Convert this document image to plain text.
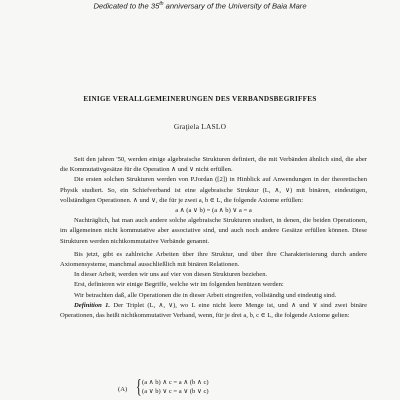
Dedicated to the 35th anniversary of the University of Baia Mare
EINIGE VERALLGEMEINERUNGEN DES VERBANDSBEGRIFFES
Graţiela LASLO

Seit den jahren '50, werden einige algebraische Strukturen definiert, die mit Verbänden ähnlich sind, die aber die Kommutativgesätze für die Operation ∧ und ∨ nicht erfüllen.

Die ersten solchen Strukturen werden von P.Jordan ([2]) in Hinblick auf Anwendungen in der theoretischen Physik studiert. So, ein Schiefverband ist eine algebraische Struktur (L, ∧, ∨) mit binären, eindeutigen, vollständigen Operationen. ∧ und ∨, die für je zwei a, b ∈ L, die folgende Axiome erfüllen:

a ∧ (a ∨ b) = (a ∧ b) ∨ a = a

Nachträglich, hat man auch andere solche algebraische Strukturen studiert, in denen, die beiden Operationen, im allgemeinen nicht kommutative aber associative sind, und auch noch andere Gesätze erfüllen können. Diese Strukturen werden nichtkommutative Verbände genannt.

Bis jetzt, gibt es zahlreiche Arbeiten über ihre Struktur, und über ihre Charakterisierung durch andere Axiomensysteme, manchmal ausschließlich mit binären Relationen.

In dieser Arbeit, werden wir uns auf vier von diesen Strukturen beziehen.

Erst, definieren wir einige Begriffe, welche wir im folgenden benützen werden:

Wir betrachten daß, alle Operationen die in dieser Arbeit eingreifen, vollständig und eindeutig sind.

Definition 1. Der Triplet (L, ∧, ∨), wo L eine nicht leere Menge ist, und ∧ und ∨ sind zwei binäre Operationen, das heißt nichtkommutativer Verband, wenn, für je drei a, b, c ∈ L, die folgende Axiome gelten:

(A) { (a ∧ b) ∧ c = a ∧ (b ∧ c)
(a ∨ b) ∨ c = a ∨ (b ∨ c)
